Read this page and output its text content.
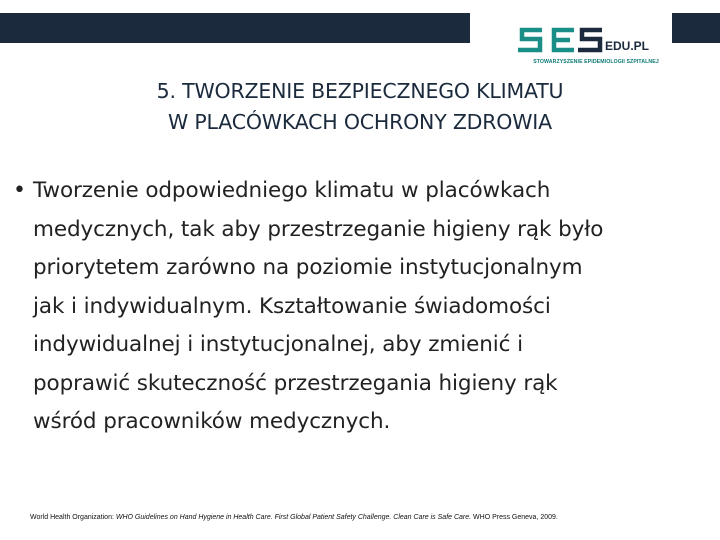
EDU.PL
STOWARZYSZENIE EPIDEMIOLOGII SZPITALNEJ
5. TWORZENIE BEZPIECZNEGO KLIMATU
W PLACÓWKACH OCHRONY ZDROWIA
• Tworzenie odpowiedniego klimatu w placówkach
medycznych, tak aby przestrzeganie higieny rąk było
priorytetem zarówno na poziomie instytucjonalnym
jak i indywidualnym. Kształtowanie świadomości
indywidualnej i instytucjonalnej, aby zmienić i
poprawić skuteczność przestrzegania higieny rąk
wśród pracowników medycznych.
World Health Organization: WHO Guidelines on Hand Hygiene in Health Care. First Global Patient Safety Challenge. Clean Care is Safe Care. WHO Press Geneva, 2009.
